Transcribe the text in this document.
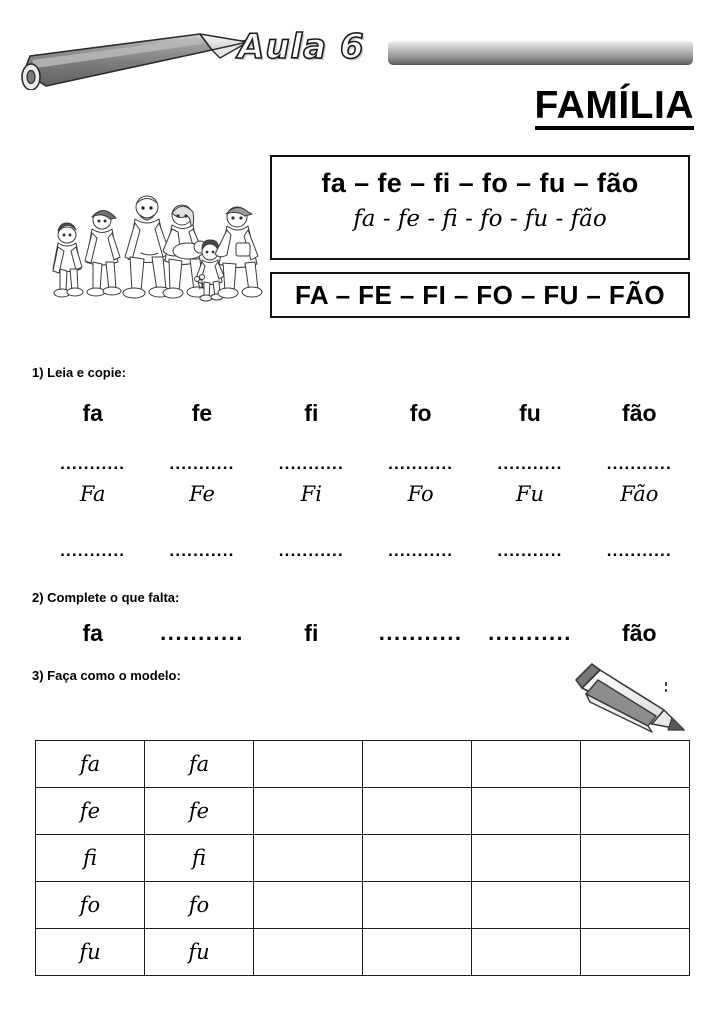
Aula 6
FAMÍLIA
fa – fe – fi – fo – fu – fão
fa - fe - fi - fo - fu - fão
FA – FE – FI – FO – FU – FÃO
1) Leia e copie:
fa	fe	fi	fo	fu	fão
...........	...........	...........	...........	...........	...........
Fa	Fe	Fi	Fo	Fu	Fão
...........	...........	...........	...........	...........	...........
2) Complete o que falta:
fa	...........	fi	...........	...........	fão
3) Faça como o modelo:
fa	fa				
fe	fe				
fi	fi				
fo	fo				
fu	fu				
